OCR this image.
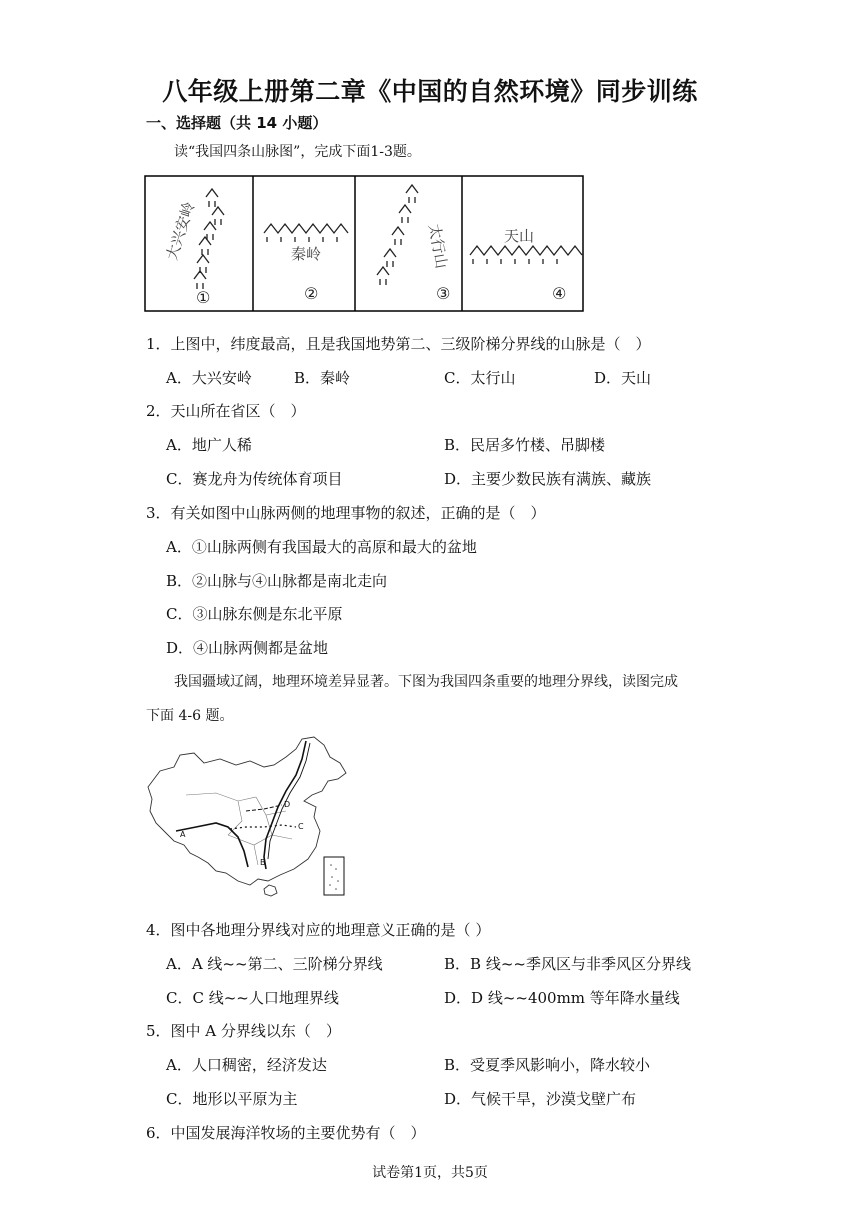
八年级上册第二章《中国的自然环境》同步训练
一、选择题（共 14 小题）
读“我国四条山脉图”，完成下面1-3题。
大兴安岭
①
秦岭
②
太行山
③
天山
④
1．上图中，纬度最高，且是我国地势第二、三级阶梯分界线的山脉是（　）
A．大兴安岭	B．秦岭	C．太行山	D．天山
2．天山所在省区（　）
A．地广人稀	B．民居多竹楼、吊脚楼
C．赛龙舟为传统体育项目	D．主要少数民族有满族、藏族
3．有关如图中山脉两侧的地理事物的叙述，正确的是（　）
A．①山脉两侧有我国最大的高原和最大的盆地
B．②山脉与④山脉都是南北走向
C．③山脉东侧是东北平原
D．④山脉两侧都是盆地
我国疆域辽阔，地理环境差异显著。下图为我国四条重要的地理分界线，读图完成
下面 4-6 题。
A
B
C
D
4．图中各地理分界线对应的地理意义正确的是（ ）
A．A 线~~第二、三阶梯分界线	B．B 线~~季风区与非季风区分界线
C．C 线~~人口地理界线	D．D 线~~400mm 等年降水量线
5．图中 A 分界线以东（　）
A．人口稠密，经济发达	B．受夏季风影响小，降水较小
C．地形以平原为主	D．气候干旱，沙漠戈壁广布
6．中国发展海洋牧场的主要优势有（　）
试卷第1页，共5页
